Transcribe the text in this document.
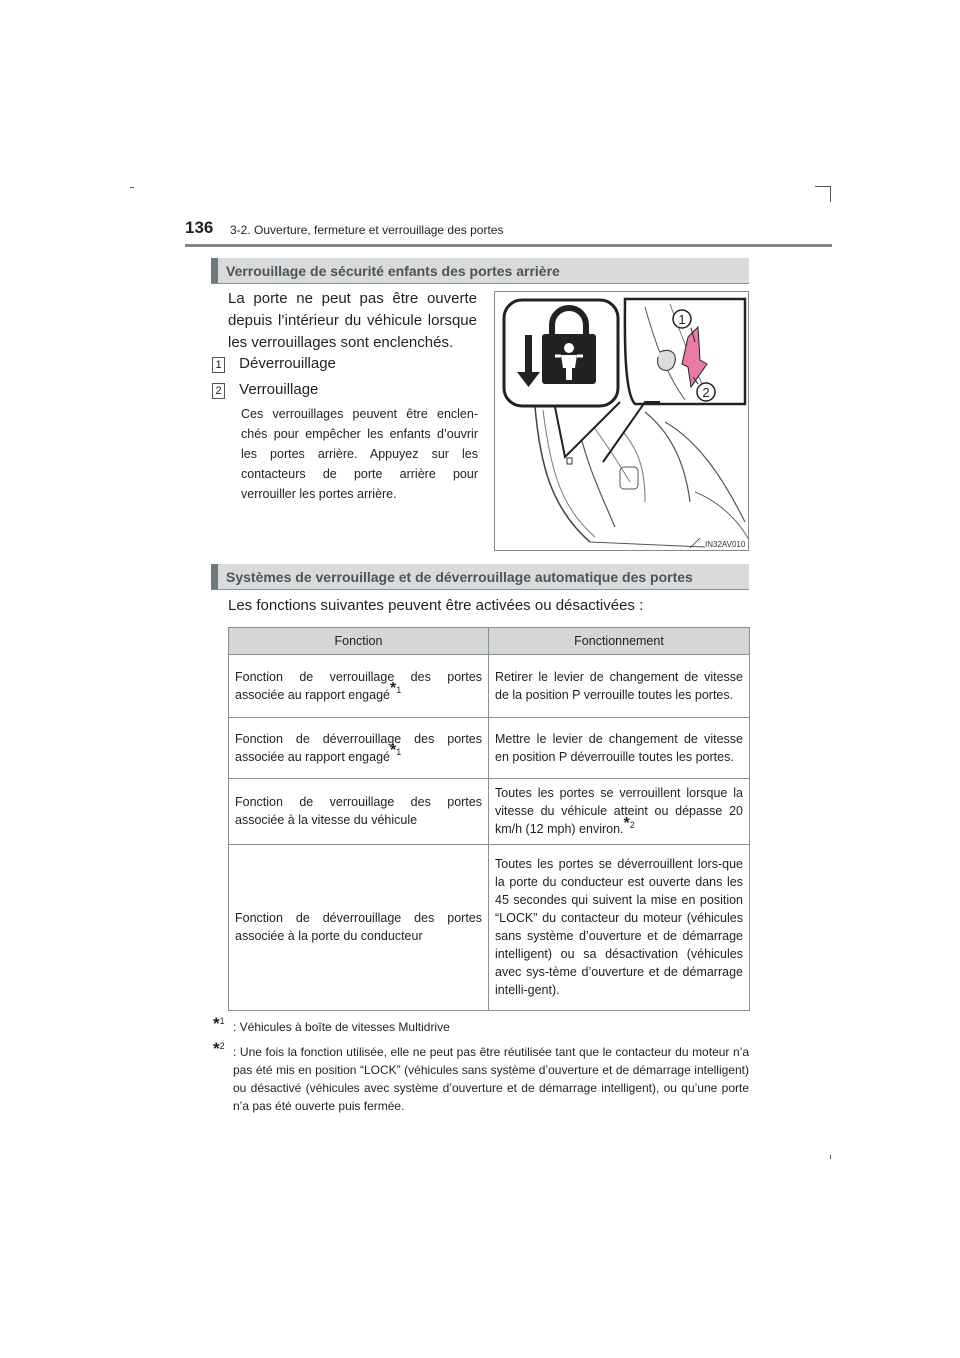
136 3-2. Ouverture, fermeture et verrouillage des portes
Verrouillage de sécurité enfants des portes arrière
La porte ne peut pas être ouverte depuis l’intérieur du véhicule lorsque les verrouillages sont enclenchés.
1 Déverrouillage
2 Verrouillage
Ces verrouillages peuvent être enclen-chés pour empêcher les enfants d’ouvrir les portes arrière. Appuyez sur les contacteurs de porte arrière pour verrouiller les portes arrière.
1
2
IN32AV010
Systèmes de verrouillage et de déverrouillage automatique des portes
Les fonctions suivantes peuvent être activées ou désactivées :
Fonction	Fonctionnement
Fonction de verrouillage des portes associée au rapport engagé$^{*1}$	Retirer le levier de changement de vitesse de la position P verrouille toutes les portes.
Fonction de déverrouillage des portes associée au rapport engagé$^{*1}$	Mettre le levier de changement de vitesse en position P déverrouille toutes les portes.
Fonction de verrouillage des portes associée à la vitesse du véhicule	Toutes les portes se verrouillent lorsque la vitesse du véhicule atteint ou dépasse 20 km/h (12 mph) environ.$^{*2}$
Fonction de déverrouillage des portes associée à la porte du conducteur	Toutes les portes se déverrouillent lors-que la porte du conducteur est ouverte dans les 45 secondes qui suivent la mise en position “LOCK” du contacteur du moteur (véhicules sans système d’ouverture et de démarrage intelligent) ou sa désactivation (véhicules avec sys-tème d’ouverture et de démarrage intelli-gent).
*$^1$ : Véhicules à boîte de vitesses Multidrive
*$^2$ : Une fois la fonction utilisée, elle ne peut pas être réutilisée tant que le contacteur du moteur n’a pas été mis en position “LOCK” (véhicules sans système d’ouverture et de démarrage intelligent) ou désactivé (véhicules avec système d’ouverture et de démarrage intelligent), ou qu’une porte n’a pas été ouverte puis fermée.
